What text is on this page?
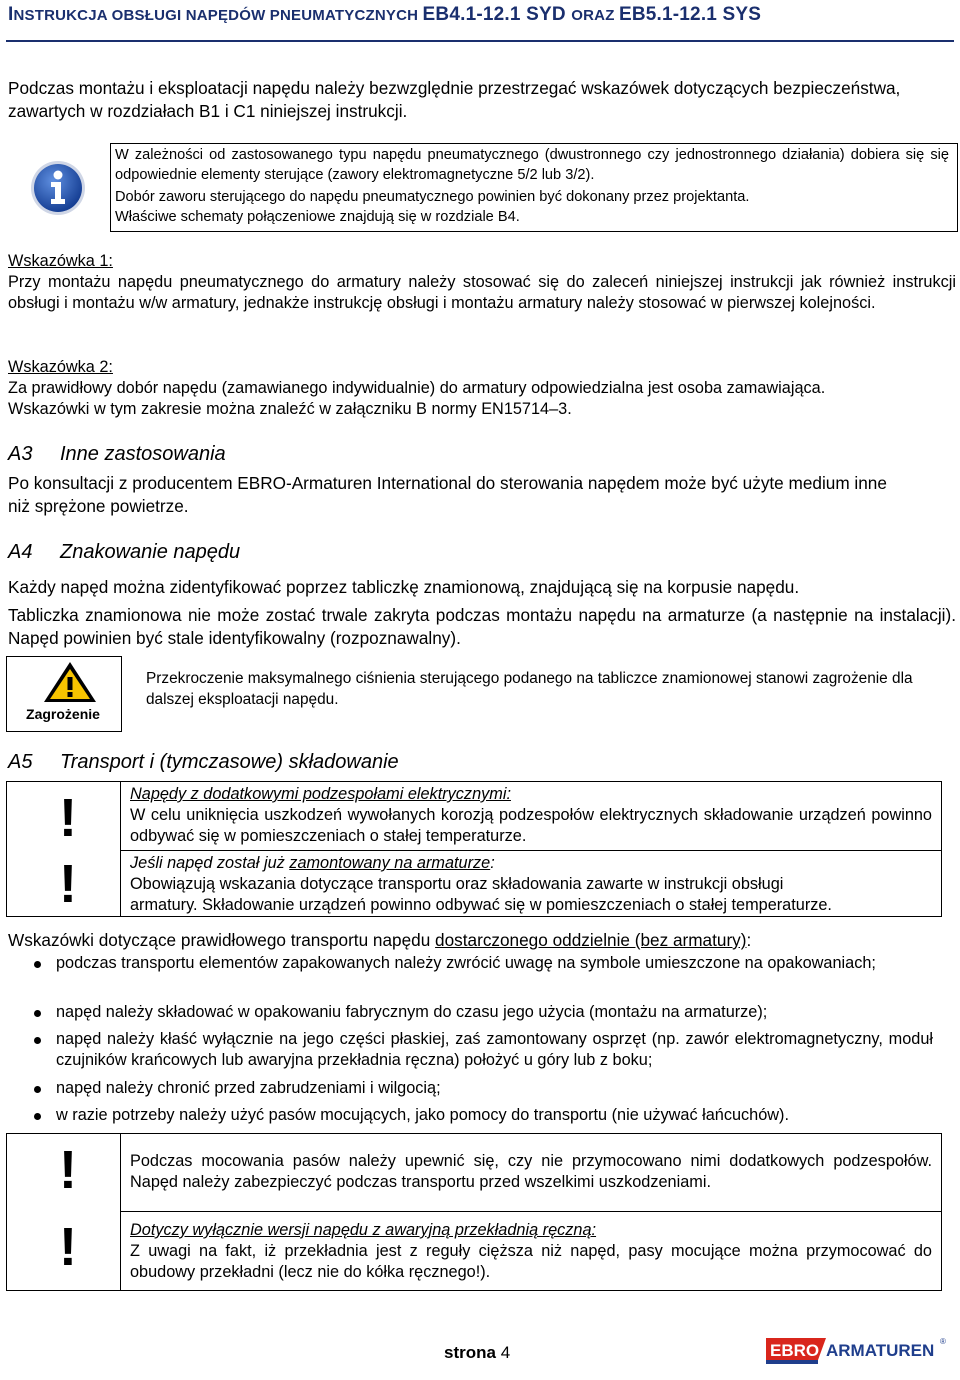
INSTRUKCJA OBSŁUGI NAPĘDÓW PNEUMATYCZNYCH EB4.1-12.1 SYD ORAZ EB5.1-12.1 SYS
Podczas montażu i eksploatacji napędu należy bezwzględnie przestrzegać wskazówek dotyczących bezpieczeństwa, zawartych w rozdziałach B1 i C1 niniejszej instrukcji.
W zależności od zastosowanego typu napędu pneumatycznego (dwustronnego czy jednostronnego działania) dobiera się się odpowiednie elementy sterujące (zawory elektromagnetyczne 5/2 lub 3/2).
Dobór zaworu sterującego do napędu pneumatycznego powinien być dokonany przez projektanta.
Właściwe schematy połączeniowe znajdują się w rozdziale B4.
Wskazówka 1:
Przy montażu napędu pneumatycznego do armatury należy stosować się do zaleceń niniejszej instrukcji jak również instrukcji obsługi i montażu w/w armatury, jednakże instrukcję obsługi i montażu armatury należy stosować w pierwszej kolejności.
Wskazówka 2:
Za prawidłowy dobór napędu (zamawianego indywidualnie) do armatury odpowiedzialna jest osoba zamawiająca.
Wskazówki w tym zakresie można znaleźć w załączniku B normy EN15714–3.
A3 Inne zastosowania
Po konsultacji z producentem EBRO-Armaturen International do sterowania napędem może być użyte medium inne niż sprężone powietrze.
A4 Znakowanie napędu
Każdy napęd można zidentyfikować poprzez tabliczkę znamionową, znajdującą się na korpusie napędu.
Tabliczka znamionowa nie może zostać trwale zakryta podczas montażu napędu na armaturze (a następnie na instalacji). Napęd powinien być stale identyfikowalny (rozpoznawalny).
Zagrożenie
Przekroczenie maksymalnego ciśnienia sterującego podanego na tabliczce znamionowej stanowi zagrożenie dla dalszej eksploatacji napędu.
A5 Transport i (tymczasowe) składowanie
!
!
Napędy z dodatkowymi podzespołami elektrycznymi:
W celu uniknięcia uszkodzeń wywołanych korozją podzespołów elektrycznych składowanie urządzeń powinno odbywać się w pomieszczeniach o stałej temperaturze.
Jeśli napęd został już zamontowany na armaturze:
Obowiązują wskazania dotyczące transportu oraz składowania zawarte w instrukcji obsługi
armatury. Składowanie urządzeń powinno odbywać się w pomieszczeniach o stałej temperaturze.
Wskazówki dotyczące prawidłowego transportu napędu dostarczonego oddzielnie (bez armatury):
podczas transportu elementów zapakowanych należy zwrócić uwagę na symbole umieszczone na opakowaniach;
napęd należy składować w opakowaniu fabrycznym do czasu jego użycia (montażu na armaturze);
napęd należy kłaść wyłącznie na jego części płaskiej, zaś zamontowany osprzęt (np. zawór elektromagnetyczny, moduł czujników krańcowych lub awaryjna przekładnia ręczna) położyć u góry lub z boku;
napęd należy chronić przed zabrudzeniami i wilgocią;
w razie potrzeby należy użyć pasów mocujących, jako pomocy do transportu (nie używać łańcuchów).
!
!
Podczas mocowania pasów należy upewnić się, czy nie przymocowano nimi dodatkowych podzespołów. Napęd należy zabezpieczyć podczas transportu przed wszelkimi uszkodzeniami.
Dotyczy wyłącznie wersji napędu z awaryjną przekładnią ręczną:
Z uwagi na fakt, iż przekładnia jest z reguły cięższa niż napęd, pasy mocujące można przymocować do obudowy przekładni (lecz nie do kółka ręcznego!).
strona 4	EBRO ARMATUREN ®
